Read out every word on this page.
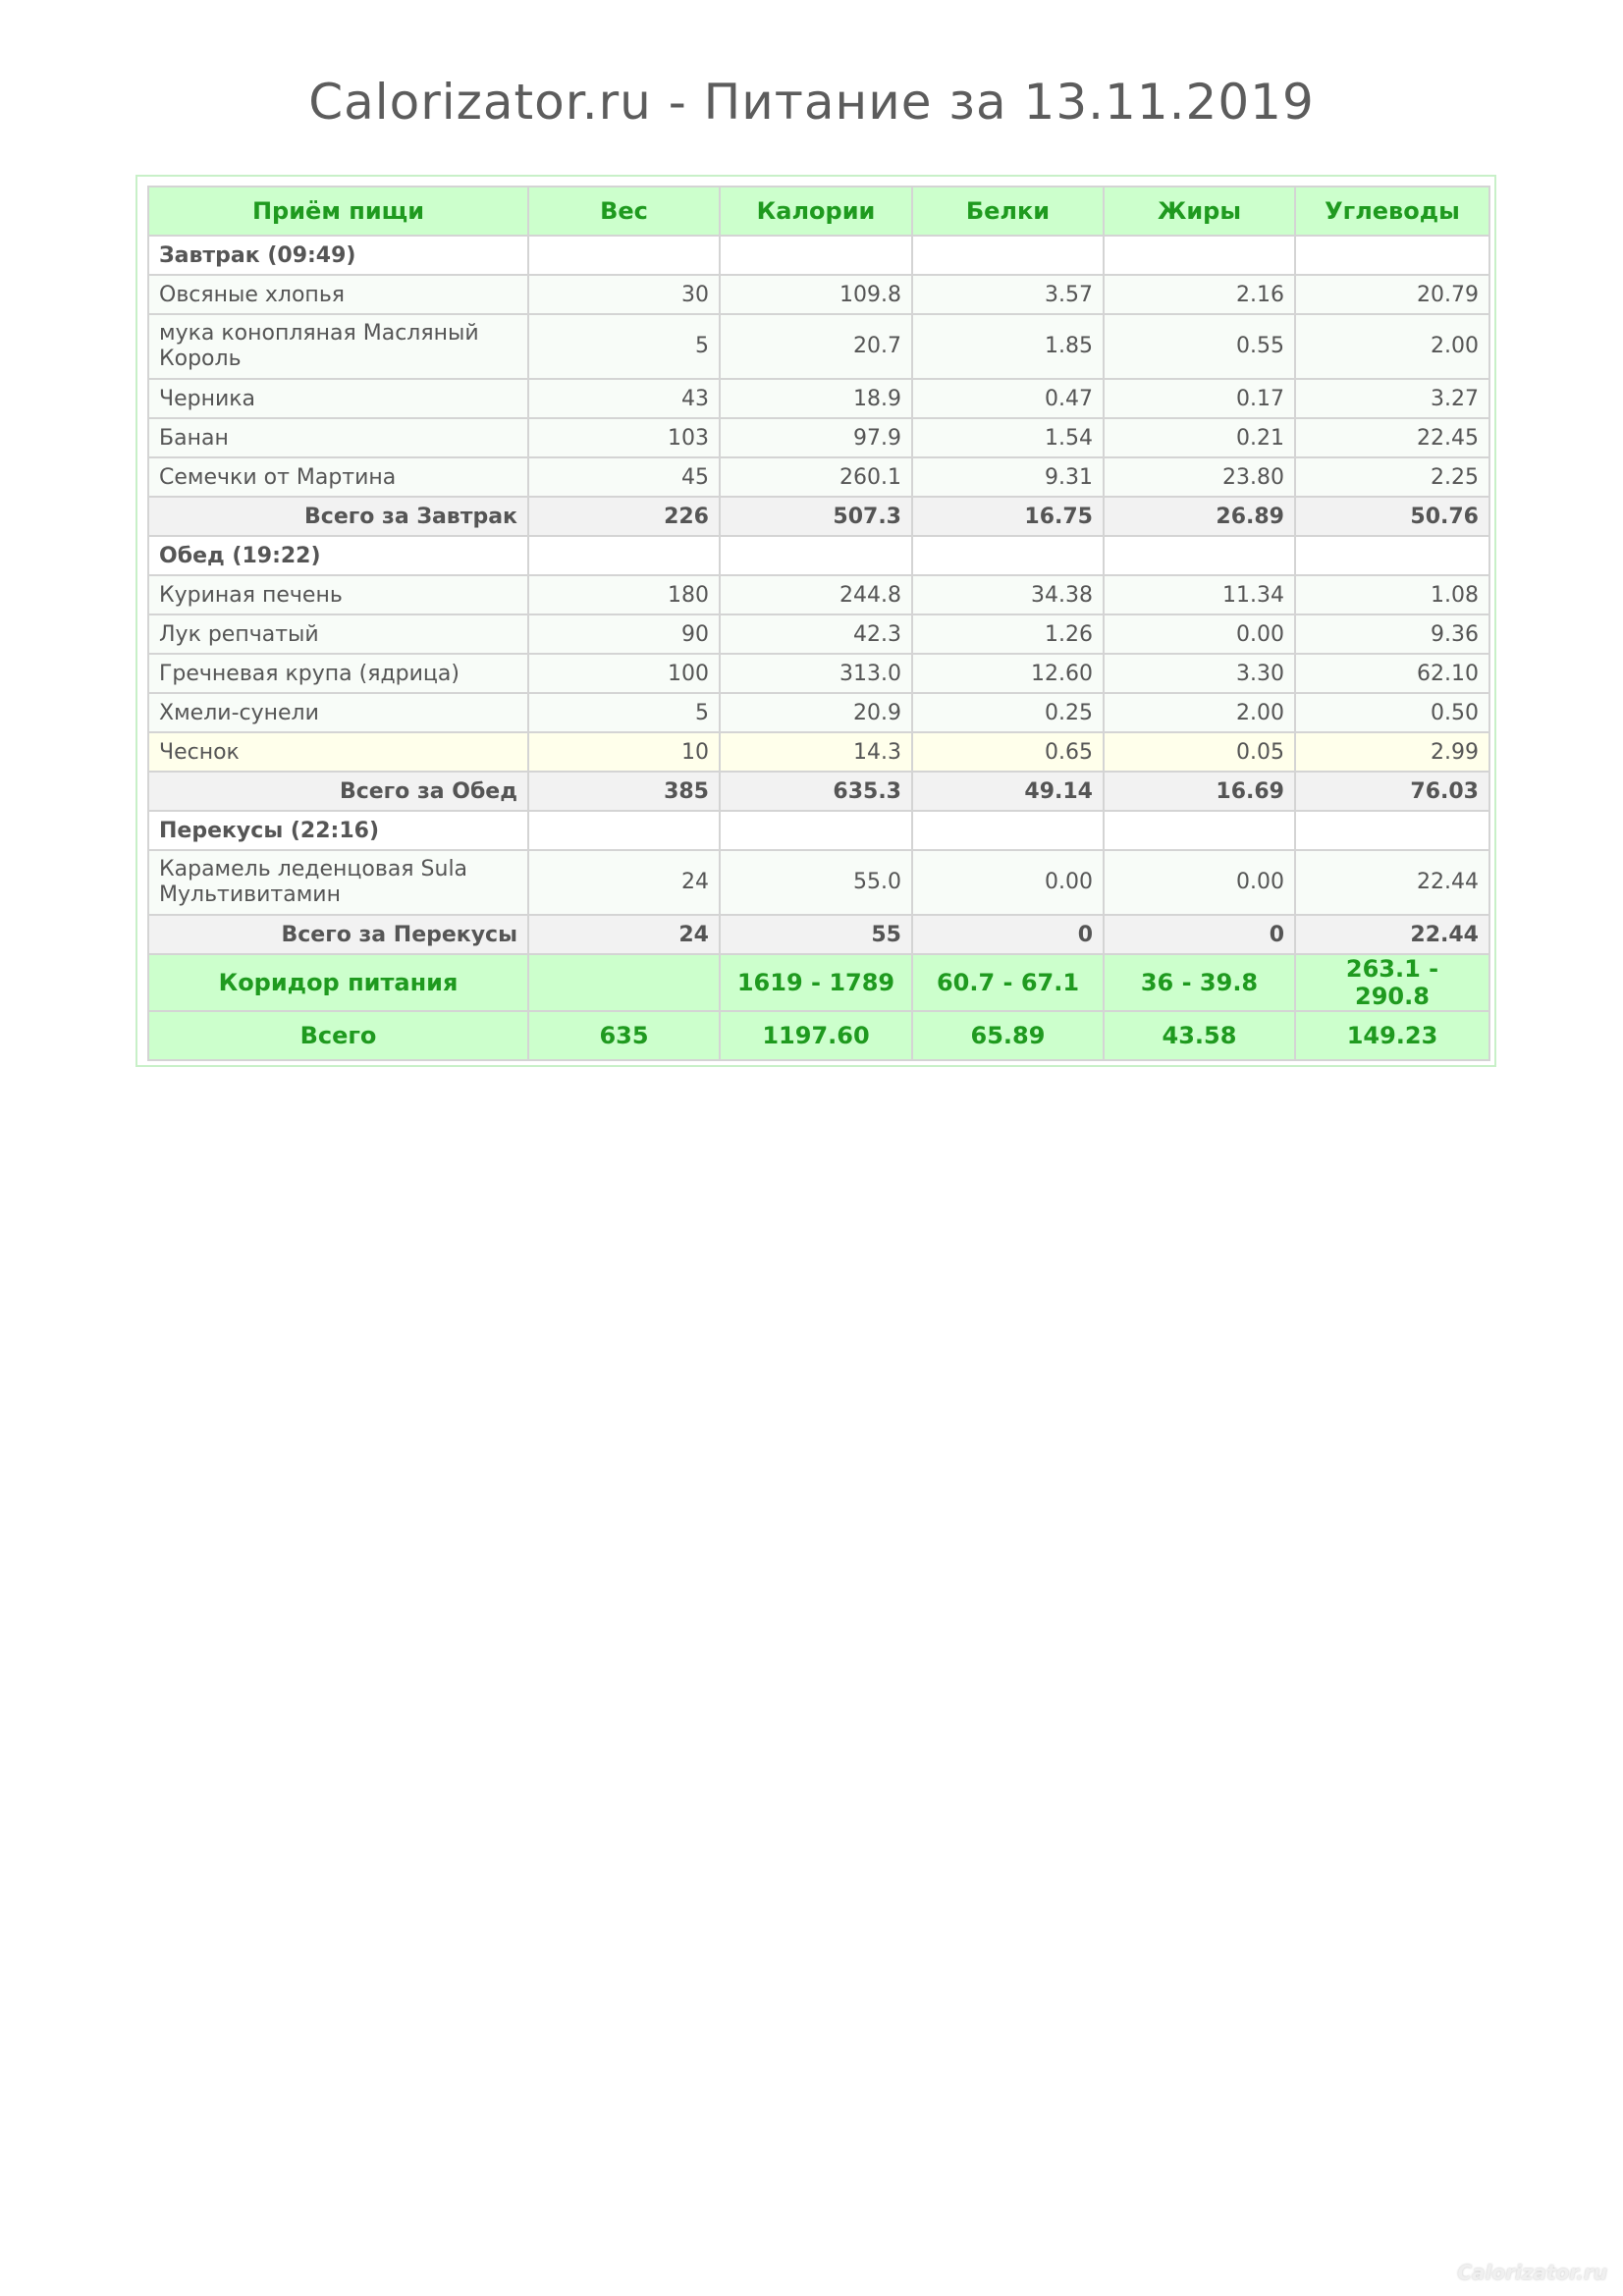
Calorizator.ru - Питание за 13.11.2019
Приём пищи	Вес	Калории	Белки	Жиры	Углеводы
Завтрак (09:49)					
Овсяные хлопья	30	109.8	3.57	2.16	20.79
мука конопляная Масляный Король	5	20.7	1.85	0.55	2.00
Черника	43	18.9	0.47	0.17	3.27
Банан	103	97.9	1.54	0.21	22.45
Семечки от Мартина	45	260.1	9.31	23.80	2.25
Всего за Завтрак	226	507.3	16.75	26.89	50.76
Обед (19:22)					
Куриная печень	180	244.8	34.38	11.34	1.08
Лук репчатый	90	42.3	1.26	0.00	9.36
Гречневая крупа (ядрица)	100	313.0	12.60	3.30	62.10
Хмели-сунели	5	20.9	0.25	2.00	0.50
Чеснок	10	14.3	0.65	0.05	2.99
Всего за Обед	385	635.3	49.14	16.69	76.03
Перекусы (22:16)					
Карамель леденцовая Sula Мультивитамин	24	55.0	0.00	0.00	22.44
Всего за Перекусы	24	55	0	0	22.44
Коридор питания		1619 - 1789	60.7 - 67.1	36 - 39.8	263.1 - 290.8
Всего	635	1197.60	65.89	43.58	149.23
Calorizator.ru
